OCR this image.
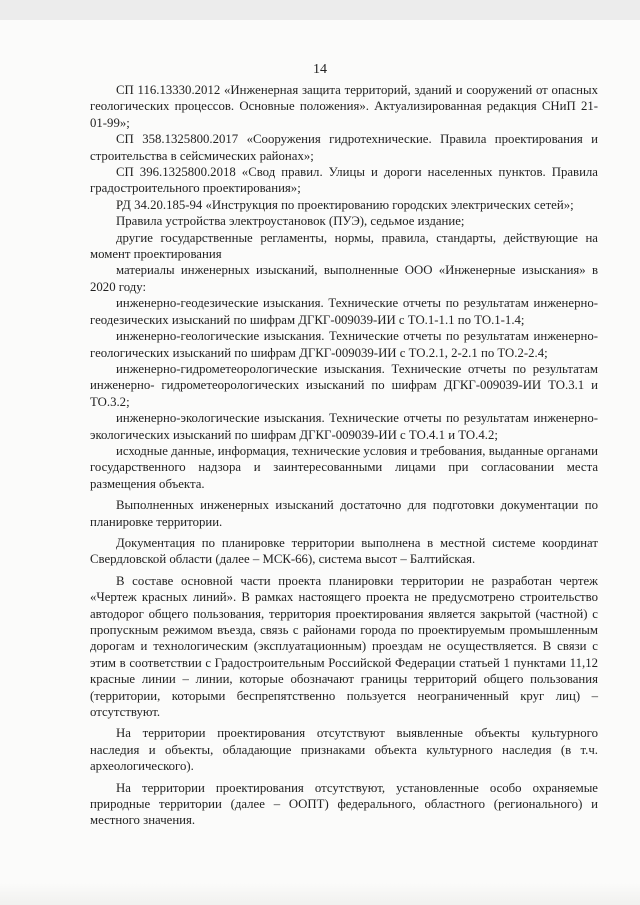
14

СП 116.13330.2012 «Инженерная защита территорий, зданий и сооружений от опасных геологических процессов. Основные положения». Актуализированная редакция СНиП 21-01-99»;

СП 358.1325800.2017 «Сооружения гидротехнические. Правила проектирования и строительства в сейсмических районах»;

СП 396.1325800.2018 «Свод правил. Улицы и дороги населенных пунктов. Правила градостроительного проектирования»;

РД 34.20.185-94 «Инструкция по проектированию городских электрических сетей»;

Правила устройства электроустановок (ПУЭ), седьмое издание;

другие государственные регламенты, нормы, правила, стандарты, действующие на момент проектирования

материалы инженерных изысканий, выполненные ООО «Инженерные изыскания» в 2020 году:

инженерно-геодезические изыскания. Технические отчеты по результатам инженерно-геодезических изысканий по шифрам ДГКГ-009039-ИИ с ТО.1-1.1 по ТО.1-1.4;

инженерно-геологические изыскания. Технические отчеты по результатам инженерно-геологических изысканий по шифрам ДГКГ-009039-ИИ с ТО.2.1, 2-2.1 по ТО.2-2.4;

инженерно-гидрометеорологические изыскания. Технические отчеты по результатам инженерно- гидрометеорологических изысканий по шифрам ДГКГ-009039-ИИ ТО.3.1 и ТО.3.2;

инженерно-экологические изыскания. Технические отчеты по результатам инженерно-экологических изысканий по шифрам ДГКГ-009039-ИИ с ТО.4.1 и ТО.4.2;

исходные данные, информация, технические условия и требования, выданные органами государственного надзора и заинтересованными лицами при согласовании места размещения объекта.

Выполненных инженерных изысканий достаточно для подготовки документации по планировке территории.

Документация по планировке территории выполнена в местной системе координат Свердловской области (далее – МСК-66), система высот – Балтийская.

В составе основной части проекта планировки территории не разработан чертеж «Чертеж красных линий». В рамках настоящего проекта не предусмотрено строительство автодорог общего пользования, территория проектирования является закрытой (частной) с пропускным режимом въезда, связь с районами города по проектируемым промышленным дорогам и технологическим (эксплуатационным) проездам не осуществляется. В связи с этим в соответствии с Градостроительным Российской Федерации статьей 1 пунктами 11,12 красные линии – линии, которые обозначают границы территорий общего пользования (территории, которыми беспрепятственно пользуется неограниченный круг лиц) – отсутствуют.

На территории проектирования отсутствуют выявленные объекты культурного наследия и объекты, обладающие признаками объекта культурного наследия (в т.ч. археологического).

На территории проектирования отсутствуют, установленные особо охраняемые природные территории (далее – ООПТ) федерального, областного (регионального) и местного значения.
